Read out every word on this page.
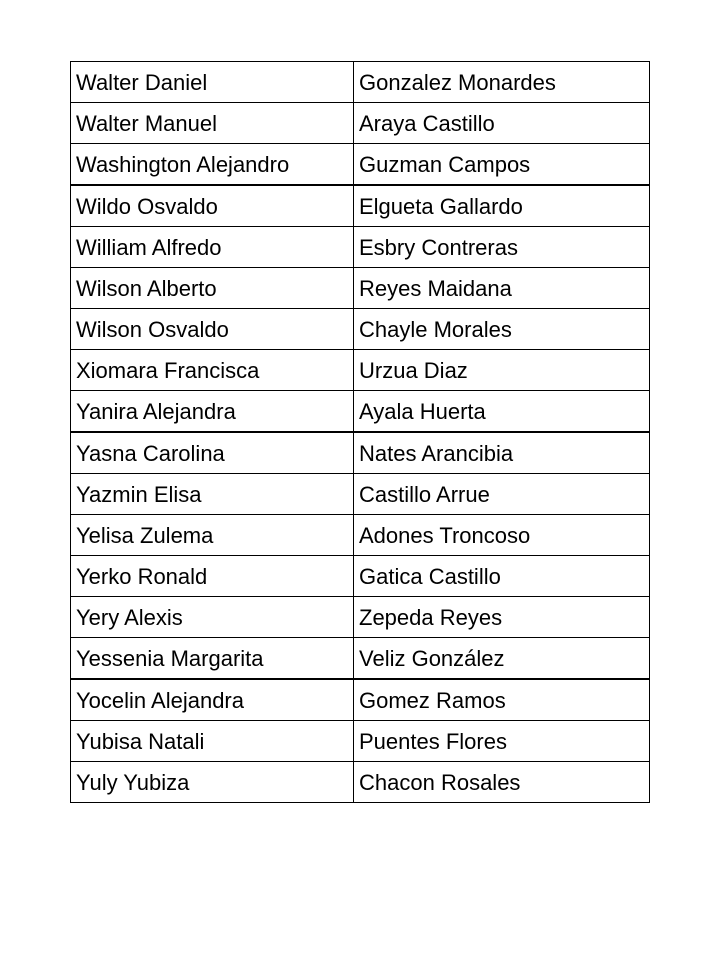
Walter Daniel	Gonzalez Monardes
Walter Manuel	Araya Castillo
Washington Alejandro	Guzman Campos
Wildo Osvaldo	Elgueta Gallardo
William Alfredo	Esbry Contreras
Wilson Alberto	Reyes Maidana
Wilson Osvaldo	Chayle Morales
Xiomara Francisca	Urzua Diaz
Yanira Alejandra	Ayala Huerta
Yasna Carolina	Nates Arancibia
Yazmin Elisa	Castillo Arrue
Yelisa Zulema	Adones Troncoso
Yerko Ronald	Gatica Castillo
Yery Alexis	Zepeda Reyes
Yessenia Margarita	Veliz González
Yocelin Alejandra	Gomez Ramos
Yubisa Natali	Puentes Flores
Yuly Yubiza	Chacon Rosales
